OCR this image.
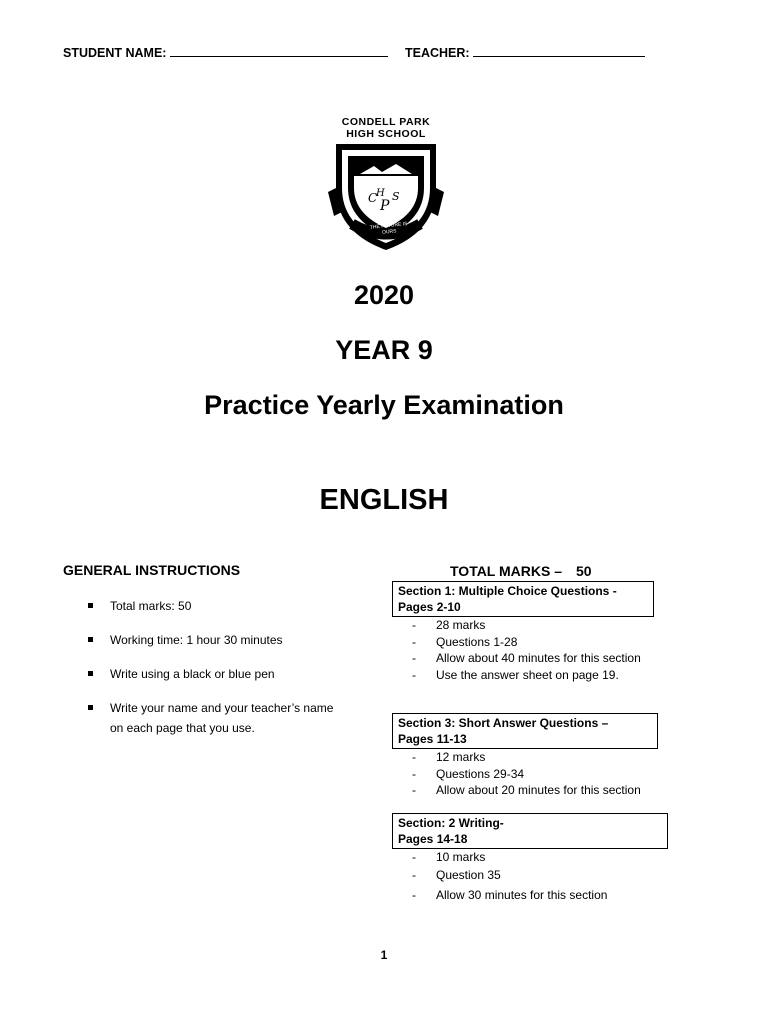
STUDENT NAME:	TEACHER:
CONDELL PARK
HIGH SCHOOL
C P
S
H
THE FUTURE IS OURS
2020
YEAR 9
Practice Yearly Examination
ENGLISH
GENERAL INSTRUCTIONS
Total marks: 50
Working time: 1 hour 30 minutes
Write using a black or blue pen
Write your name and your teacher’s name on each page that you use.
TOTAL MARKS – 50
Section 1: Multiple Choice Questions -
Pages 2-10
- 28 marks
- Questions 1-28
- Allow about 40 minutes for this section
- Use the answer sheet on page 19.
Section 3: Short Answer Questions –
Pages 11-13
- 12 marks
- Questions 29-34
- Allow about 20 minutes for this section
Section: 2 Writing-
Pages 14-18
- 10 marks
- Question 35
- Allow 30 minutes for this section
1
